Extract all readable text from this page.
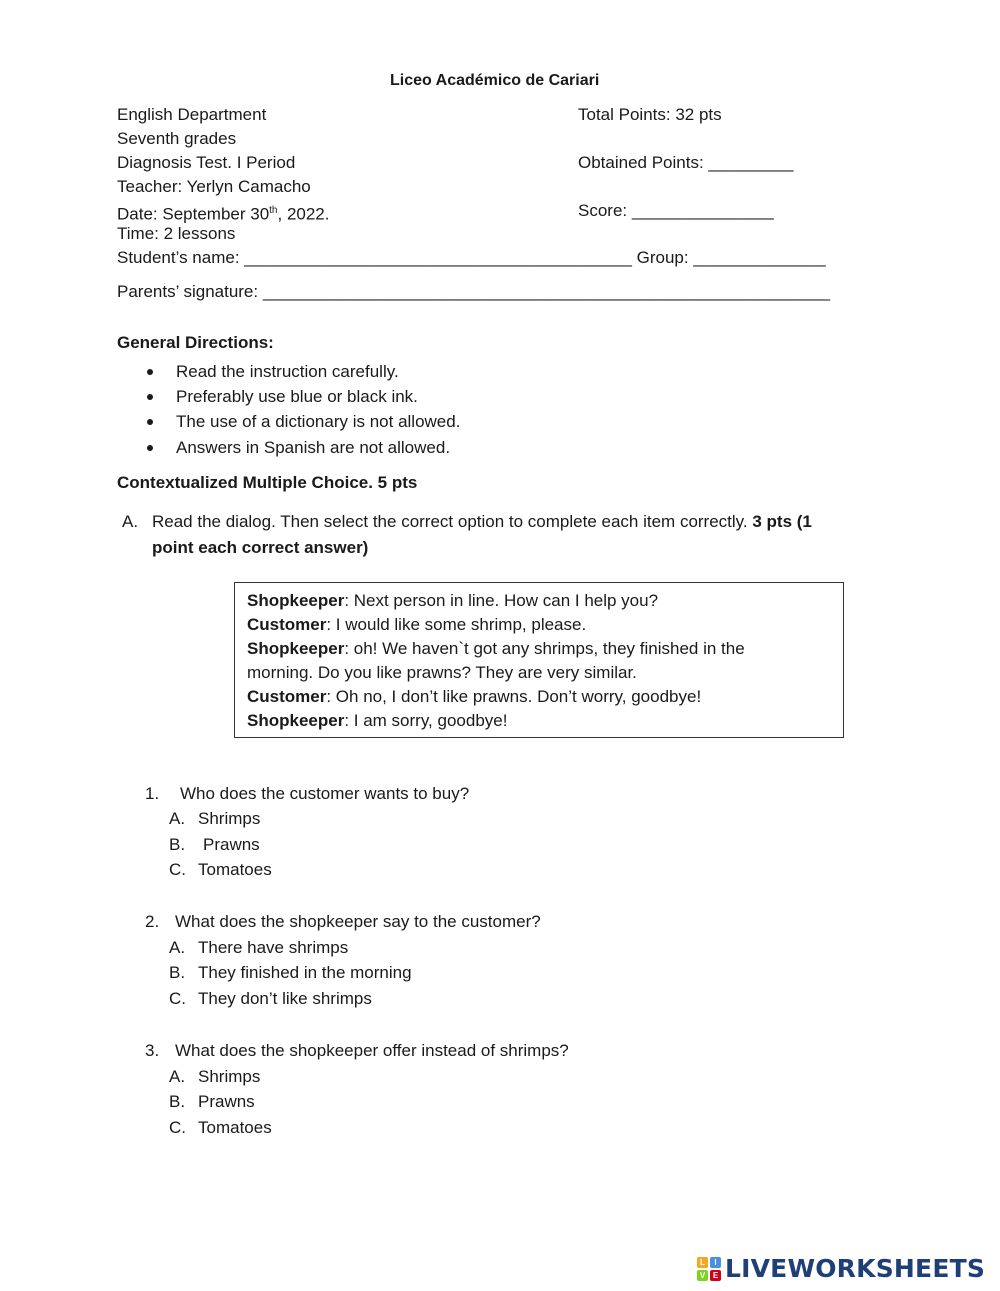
Liceo Académico de Cariari
English Department
Seventh grades
Diagnosis Test. I Period
Teacher: Yerlyn Camacho
Date: September 30th, 2022.
Time: 2 lessons
Student’s name: _________________________________________ Group: ______________
Parents’ signature: ____________________________________________________________
Total Points: 32 pts
Obtained Points: _________
Score: _______________
General Directions:
Read the instruction carefully.
Preferably use blue or black ink.
The use of a dictionary is not allowed.
Answers in Spanish are not allowed.
Contextualized Multiple Choice. 5 pts
A. Read the dialog. Then select the correct option to complete each item correctly. 3 pts (1
point each correct answer)
Shopkeeper: Next person in line. How can I help you?
Customer: I would like some shrimp, please.
Shopkeeper: oh! We haven`t got any shrimps, they finished in the
morning. Do you like prawns? They are very similar.
Customer: Oh no, I don’t like prawns. Don’t worry, goodbye!
Shopkeeper: I am sorry, goodbye!
1. Who does the customer wants to buy?
A. Shrimps
B. Prawns
C. Tomatoes
2. What does the shopkeeper say to the customer?
A. There have shrimps
B. They finished in the morning
C. They don’t like shrimps
3. What does the shopkeeper offer instead of shrimps?
A. Shrimps
B. Prawns
C. Tomatoes
L	I
V E LIVEWORKSHEETS
